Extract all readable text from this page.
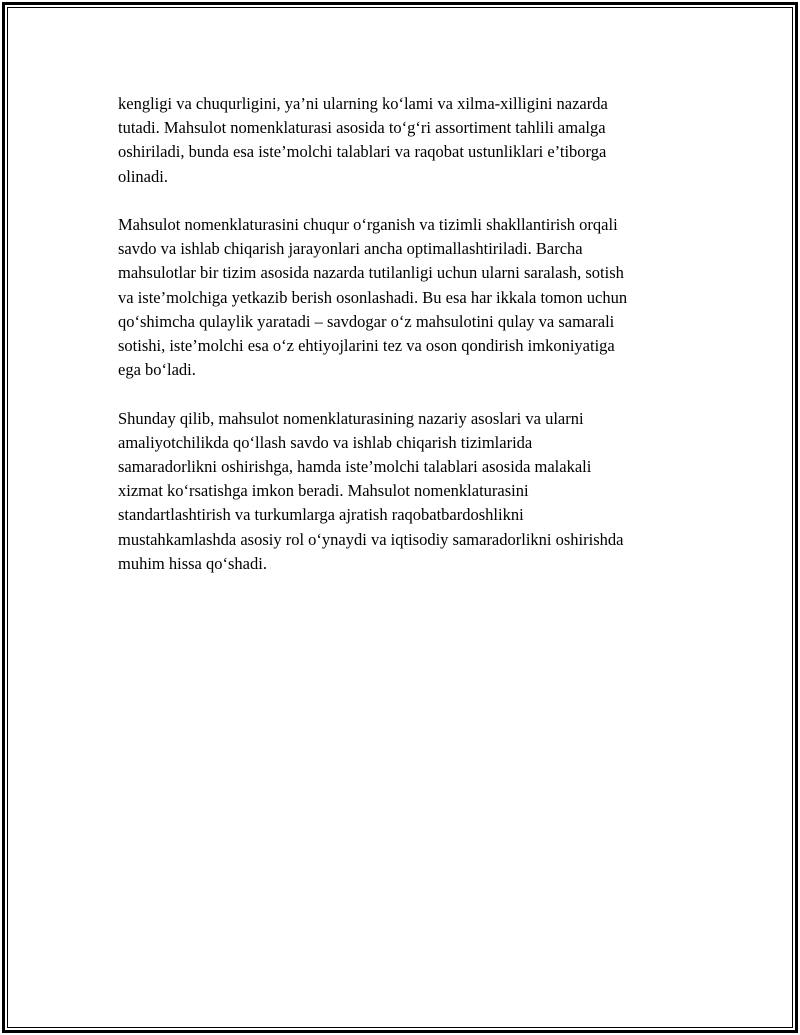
kengligi va chuqurligini, ya’ni ularning ko‘lami va xilma-xilligini nazarda
tutadi. Mahsulot nomenklaturasi asosida to‘g‘ri assortiment tahlili amalga
oshiriladi, bunda esa iste’molchi talablari va raqobat ustunliklari e’tiborga
olinadi.

Mahsulot nomenklaturasini chuqur o‘rganish va tizimli shakllantirish orqali
savdo va ishlab chiqarish jarayonlari ancha optimallashtiriladi. Barcha
mahsulotlar bir tizim asosida nazarda tutilanligi uchun ularni saralash, sotish
va iste’molchiga yetkazib berish osonlashadi. Bu esa har ikkala tomon uchun
qo‘shimcha qulaylik yaratadi – savdogar o‘z mahsulotini qulay va samarali
sotishi, iste’molchi esa o‘z ehtiyojlarini tez va oson qondirish imkoniyatiga
ega bo‘ladi.

Shunday qilib, mahsulot nomenklaturasining nazariy asoslari va ularni
amaliyotchilikda qo‘llash savdo va ishlab chiqarish tizimlarida
samaradorlikni oshirishga, hamda iste’molchi talablari asosida malakali
xizmat ko‘rsatishga imkon beradi. Mahsulot nomenklaturasini
standartlashtirish va turkumlarga ajratish raqobatbardoshlikni
mustahkamlashda asosiy rol o‘ynaydi va iqtisodiy samaradorlikni oshirishda
muhim hissa qo‘shadi.
